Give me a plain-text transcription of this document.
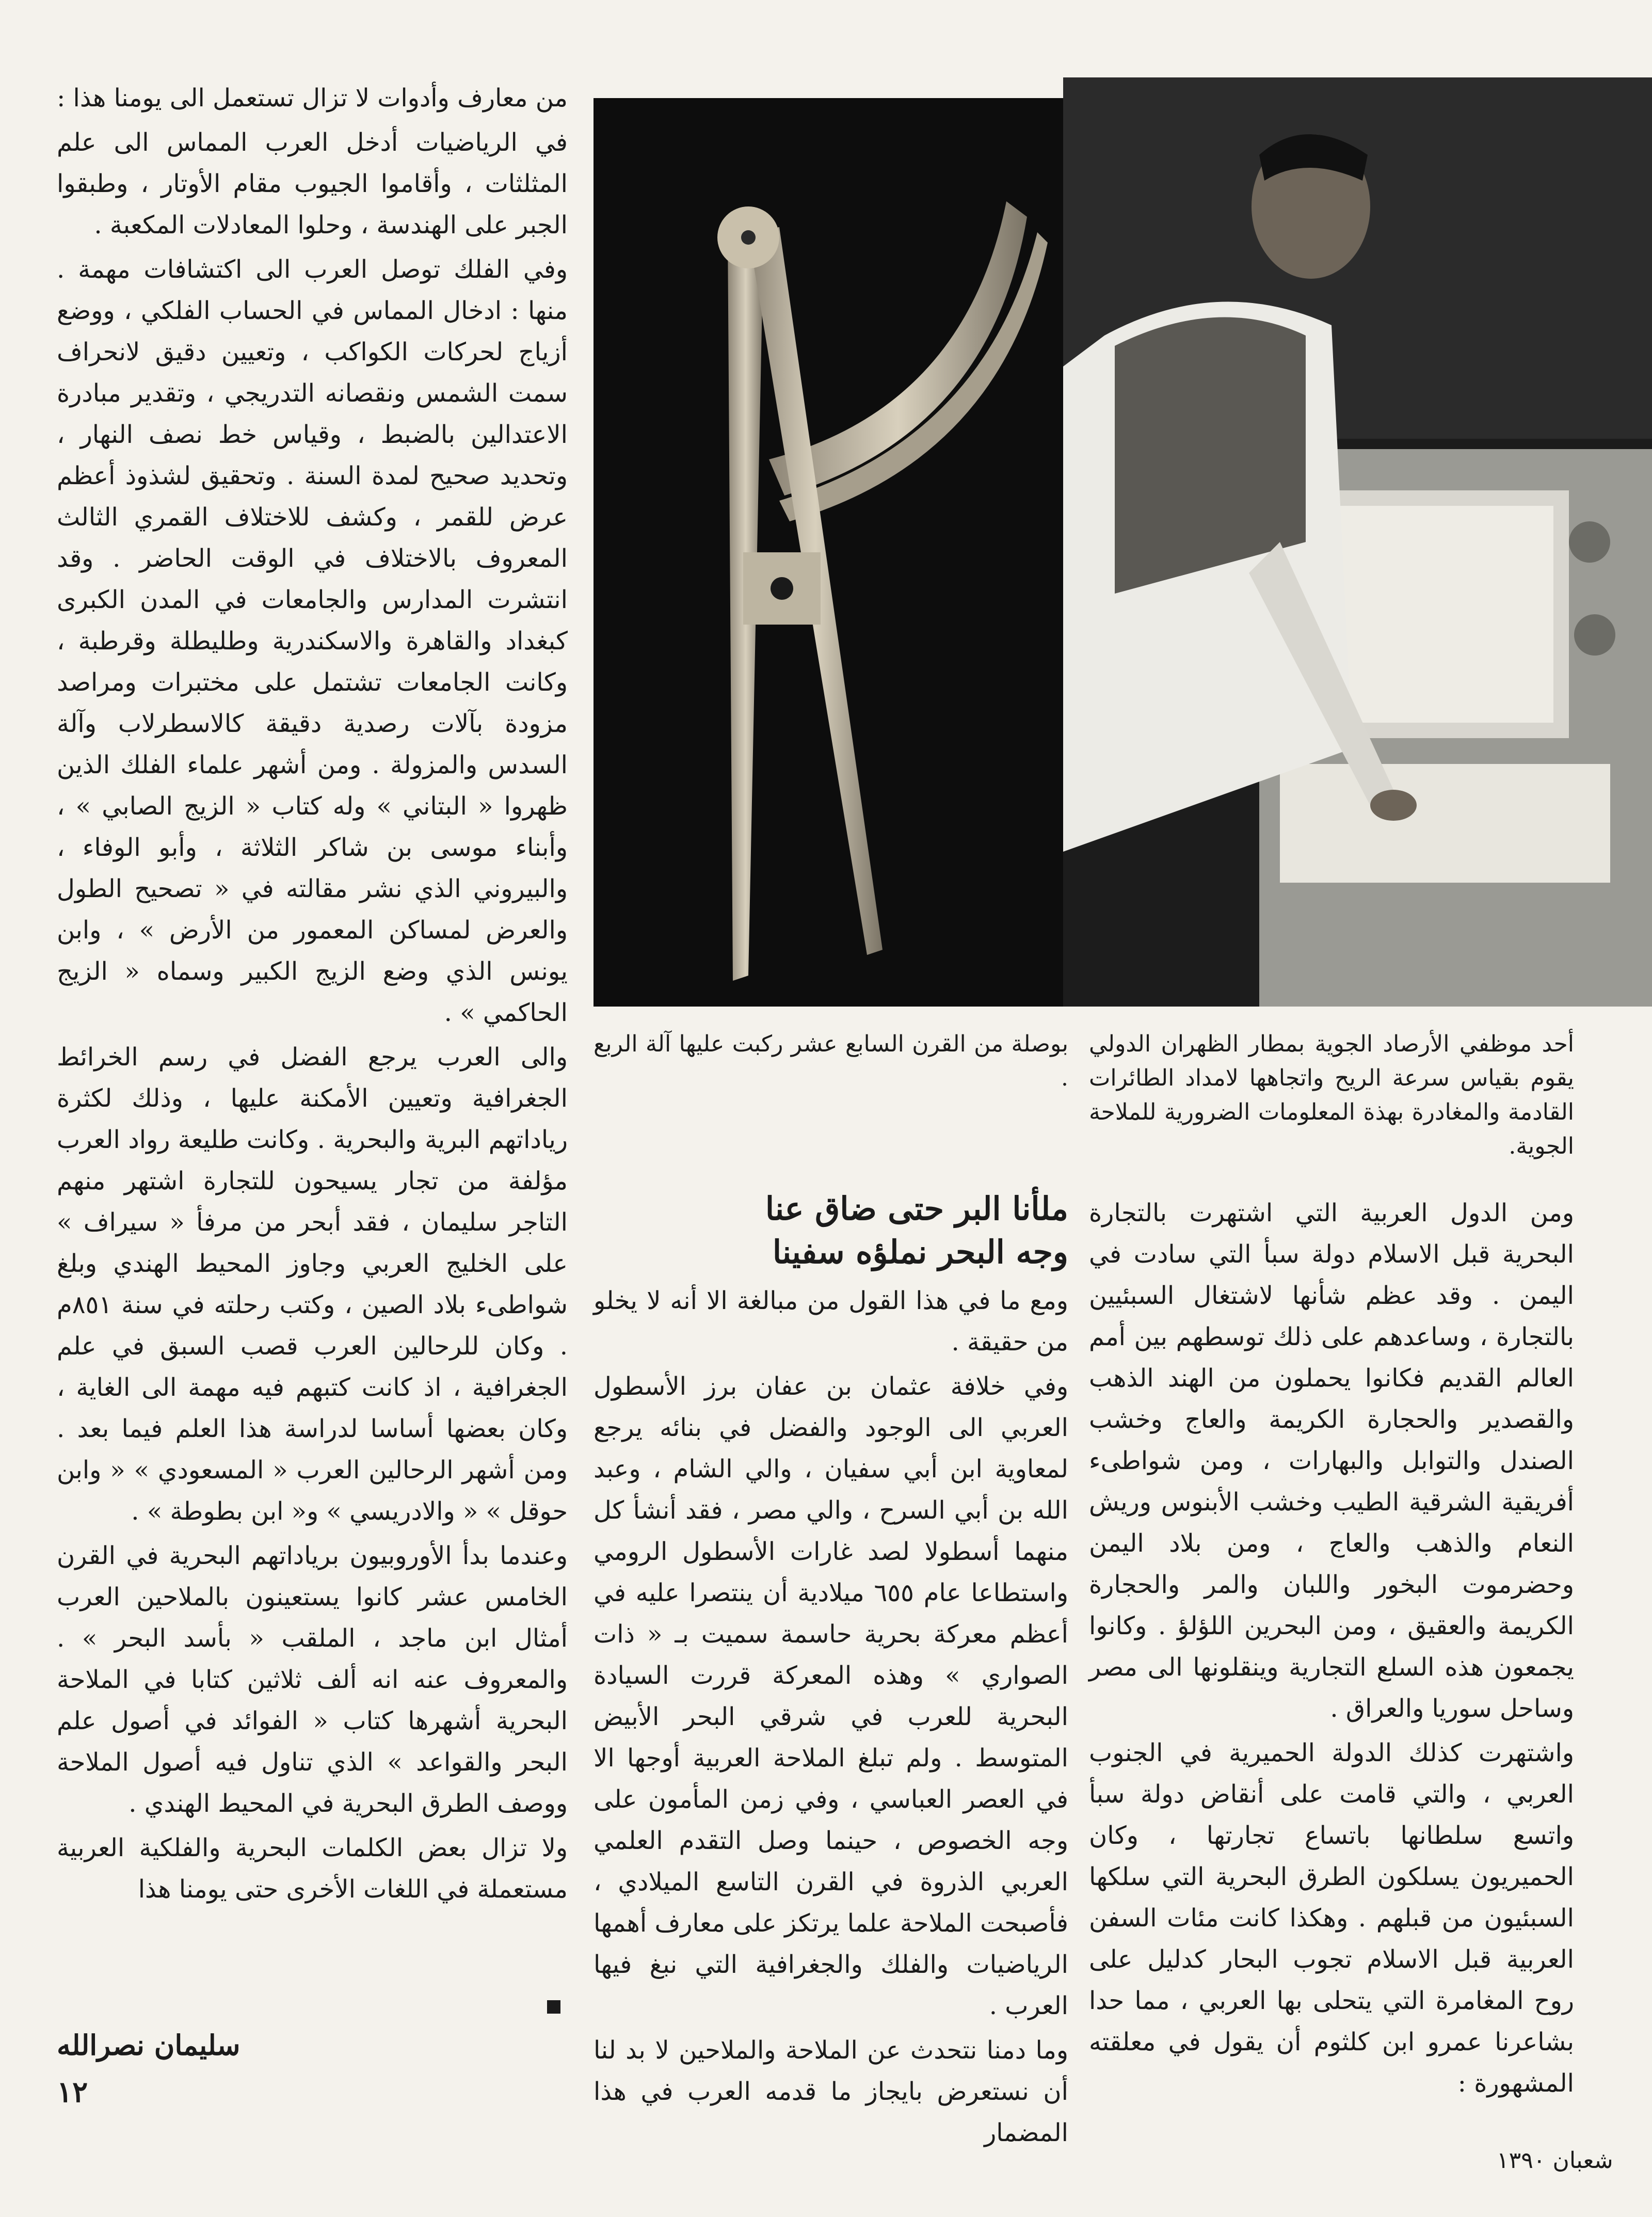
من معارف وأدوات لا تزال تستعمل الى يومنا هذا :

في الرياضيات أدخل العرب المماس الى علم المثلثات ، وأقاموا الجيوب مقام الأوتار ، وطبقوا الجبر على الهندسة ، وحلوا المعادلات المكعبة .

وفي الفلك توصل العرب الى اكتشافات مهمة . منها : ادخال المماس في الحساب الفلكي ، ووضع أزياج لحركات الكواكب ، وتعيين دقيق لانحراف سمت الشمس ونقصانه التدريجي ، وتقدير مبادرة الاعتدالين بالضبط ، وقياس خط نصف النهار ، وتحديد صحيح لمدة السنة . وتحقيق لشذوذ أعظم عرض للقمر ، وكشف للاختلاف القمري الثالث المعروف بالاختلاف في الوقت الحاضر . وقد انتشرت المدارس والجامعات في المدن الكبرى كبغداد والقاهرة والاسكندرية وطليطلة وقرطبة ، وكانت الجامعات تشتمل على مختبرات ومراصد مزودة بآلات رصدية دقيقة كالاسطرلاب وآلة السدس والمزولة . ومن أشهر علماء الفلك الذين ظهروا « البتاني » وله كتاب « الزيج الصابي » ، وأبناء موسى بن شاكر الثلاثة ، وأبو الوفاء ، والبيروني الذي نشر مقالته في « تصحيح الطول والعرض لمساكن المعمور من الأرض » ، وابن يونس الذي وضع الزيج الكبير وسماه « الزيج الحاكمي » .

والى العرب يرجع الفضل في رسم الخرائط الجغرافية وتعيين الأمكنة عليها ، وذلك لكثرة رياداتهم البرية والبحرية . وكانت طليعة رواد العرب مؤلفة من تجار يسيحون للتجارة اشتهر منهم التاجر سليمان ، فقد أبحر من مرفأ « سيراف » على الخليج العربي وجاوز المحيط الهندي وبلغ شواطىء بلاد الصين ، وكتب رحلته في سنة ٨٥١م . وكان للرحالين العرب قصب السبق في علم الجغرافية ، اذ كانت كتبهم فيه مهمة الى الغاية ، وكان بعضها أساسا لدراسة هذا العلم فيما بعد . ومن أشهر الرحالين العرب « المسعودي » « وابن حوقل » « والادريسي » و« ابن بطوطة » .

وعندما بدأ الأوروبيون برياداتهم البحرية في القرن الخامس عشر كانوا يستعينون بالملاحين العرب أمثال ابن ماجد ، الملقب « بأسد البحر » . والمعروف عنه انه ألف ثلاثين كتابا في الملاحة البحرية أشهرها كتاب « الفوائد في أصول علم البحر والقواعد » الذي تناول فيه أصول الملاحة ووصف الطرق البحرية في المحيط الهندي .

ولا تزال بعض الكلمات البحرية والفلكية العربية مستعملة في اللغات الأخرى حتى يومنا هذا

سليمان نصرالله
١٢
بوصلة من القرن السابع عشر ركبت عليها آلة الربع .
أحد موظفي الأرصاد الجوية بمطار الظهران الدولي يقوم بقياس سرعة الريح واتجاهها لامداد الطائرات القادمة والمغادرة بهذة المعلومات الضرورية للملاحة الجوية.
ملأنا البر حتى ضاق عنا
وجه البحر نملؤه سفينا

ومع ما في هذا القول من مبالغة الا أنه لا يخلو من حقيقة .

وفي خلافة عثمان بن عفان برز الأسطول العربي الى الوجود والفضل في بنائه يرجع لمعاوية ابن أبي سفيان ، والي الشام ، وعبد الله بن أبي السرح ، والي مصر ، فقد أنشأ كل منهما أسطولا لصد غارات الأسطول الرومي واستطاعا عام ٦٥٥ ميلادية أن ينتصرا عليه في أعظم معركة بحرية حاسمة سميت بـ « ذات الصواري » وهذه المعركة قررت السيادة البحرية للعرب في شرقي البحر الأبيض المتوسط . ولم تبلغ الملاحة العربية أوجها الا في العصر العباسي ، وفي زمن المأمون على وجه الخصوص ، حينما وصل التقدم العلمي العربي الذروة في القرن التاسع الميلادي ، فأصبحت الملاحة علما يرتكز على معارف أهمها الرياضيات والفلك والجغرافية التي نبغ فيها العرب .

وما دمنا نتحدث عن الملاحة والملاحين لا بد لنا أن نستعرض بايجاز ما قدمه العرب في هذا المضمار

ومن الدول العربية التي اشتهرت بالتجارة البحرية قبل الاسلام دولة سبأ التي سادت في اليمن . وقد عظم شأنها لاشتغال السبئيين بالتجارة ، وساعدهم على ذلك توسطهم بين أمم العالم القديم فكانوا يحملون من الهند الذهب والقصدير والحجارة الكريمة والعاج وخشب الصندل والتوابل والبهارات ، ومن شواطىء أفريقية الشرقية الطيب وخشب الأبنوس وريش النعام والذهب والعاج ، ومن بلاد اليمن وحضرموت البخور واللبان والمر والحجارة الكريمة والعقيق ، ومن البحرين اللؤلؤ . وكانوا يجمعون هذه السلع التجارية وينقلونها الى مصر وساحل سوريا والعراق .

واشتهرت كذلك الدولة الحميرية في الجنوب العربي ، والتي قامت على أنقاض دولة سبأ واتسع سلطانها باتساع تجارتها ، وكان الحميريون يسلكون الطرق البحرية التي سلكها السبئيون من قبلهم . وهكذا كانت مئات السفن العربية قبل الاسلام تجوب البحار كدليل على روح المغامرة التي يتحلى بها العربي ، مما حدا بشاعرنا عمرو ابن كلثوم أن يقول في معلقته المشهورة :

شعبان ١٣٩٠
